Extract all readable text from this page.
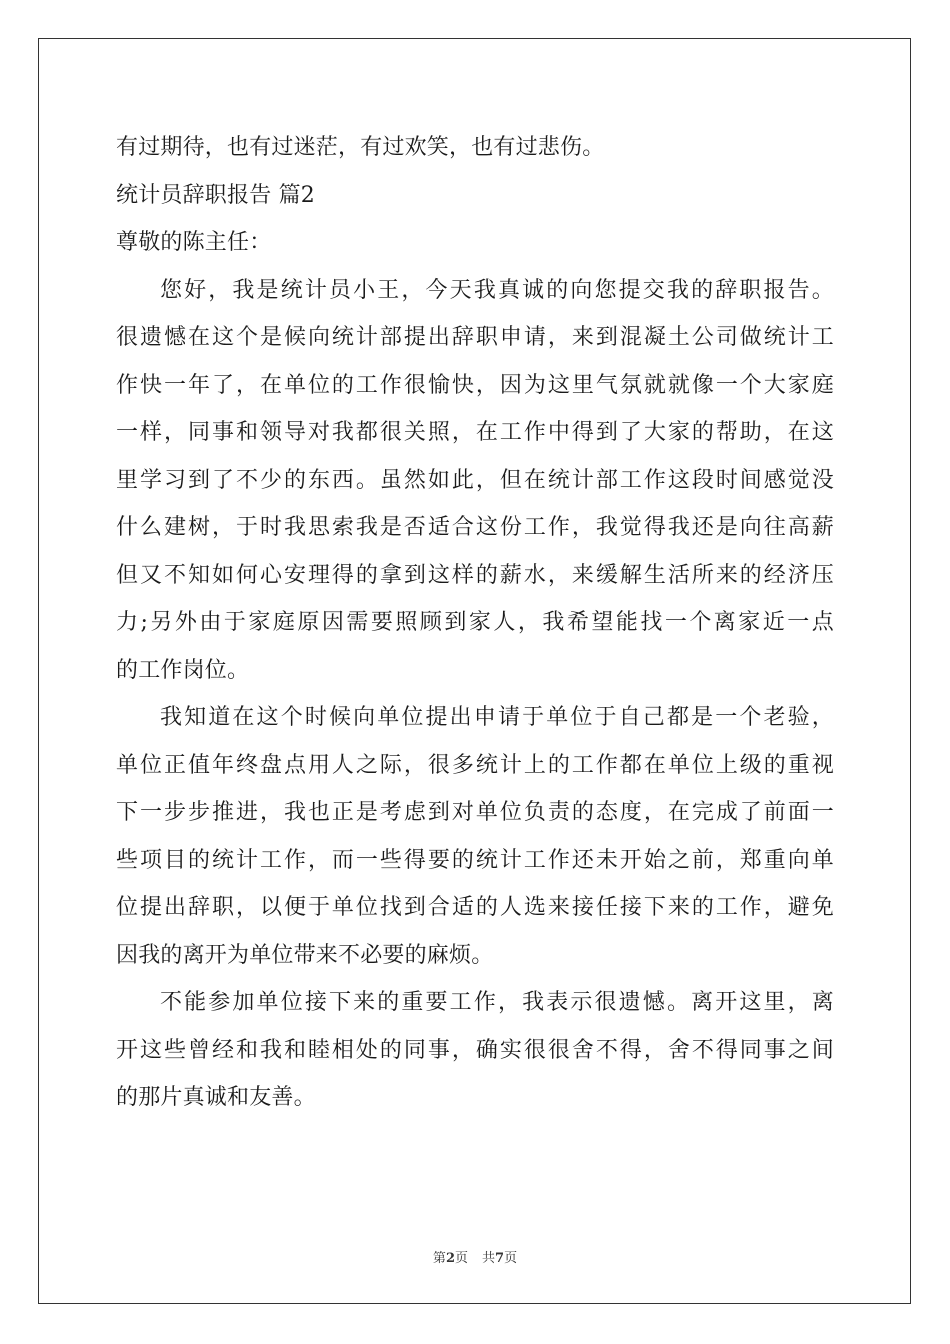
有过期待，也有过迷茫，有过欢笑，也有过悲伤。
统计员辞职报告 篇2
尊敬的陈主任：
您好，我是统计员小王，今天我真诚的向您提交我的辞职报告。
很遗憾在这个是候向统计部提出辞职申请，来到混凝土公司做统计工
作快一年了，在单位的工作很愉快，因为这里气氛就就像一个大家庭
一样，同事和领导对我都很关照，在工作中得到了大家的帮助，在这
里学习到了不少的东西。虽然如此，但在统计部工作这段时间感觉没
什么建树，于时我思索我是否适合这份工作，我觉得我还是向往高薪
但又不知如何心安理得的拿到这样的薪水，来缓解生活所来的经济压
力;另外由于家庭原因需要照顾到家人，我希望能找一个离家近一点
的工作岗位。
我知道在这个时候向单位提出申请于单位于自己都是一个老验，
单位正值年终盘点用人之际，很多统计上的工作都在单位上级的重视
下一步步推进，我也正是考虑到对单位负责的态度，在完成了前面一
些项目的统计工作，而一些得要的统计工作还未开始之前，郑重向单
位提出辞职，以便于单位找到合适的人选来接任接下来的工作，避免
因我的离开为单位带来不必要的麻烦。
不能参加单位接下来的重要工作，我表示很遗憾。离开这里，离
开这些曾经和我和睦相处的同事，确实很很舍不得，舍不得同事之间
的那片真诚和友善。
第2页 共7页
